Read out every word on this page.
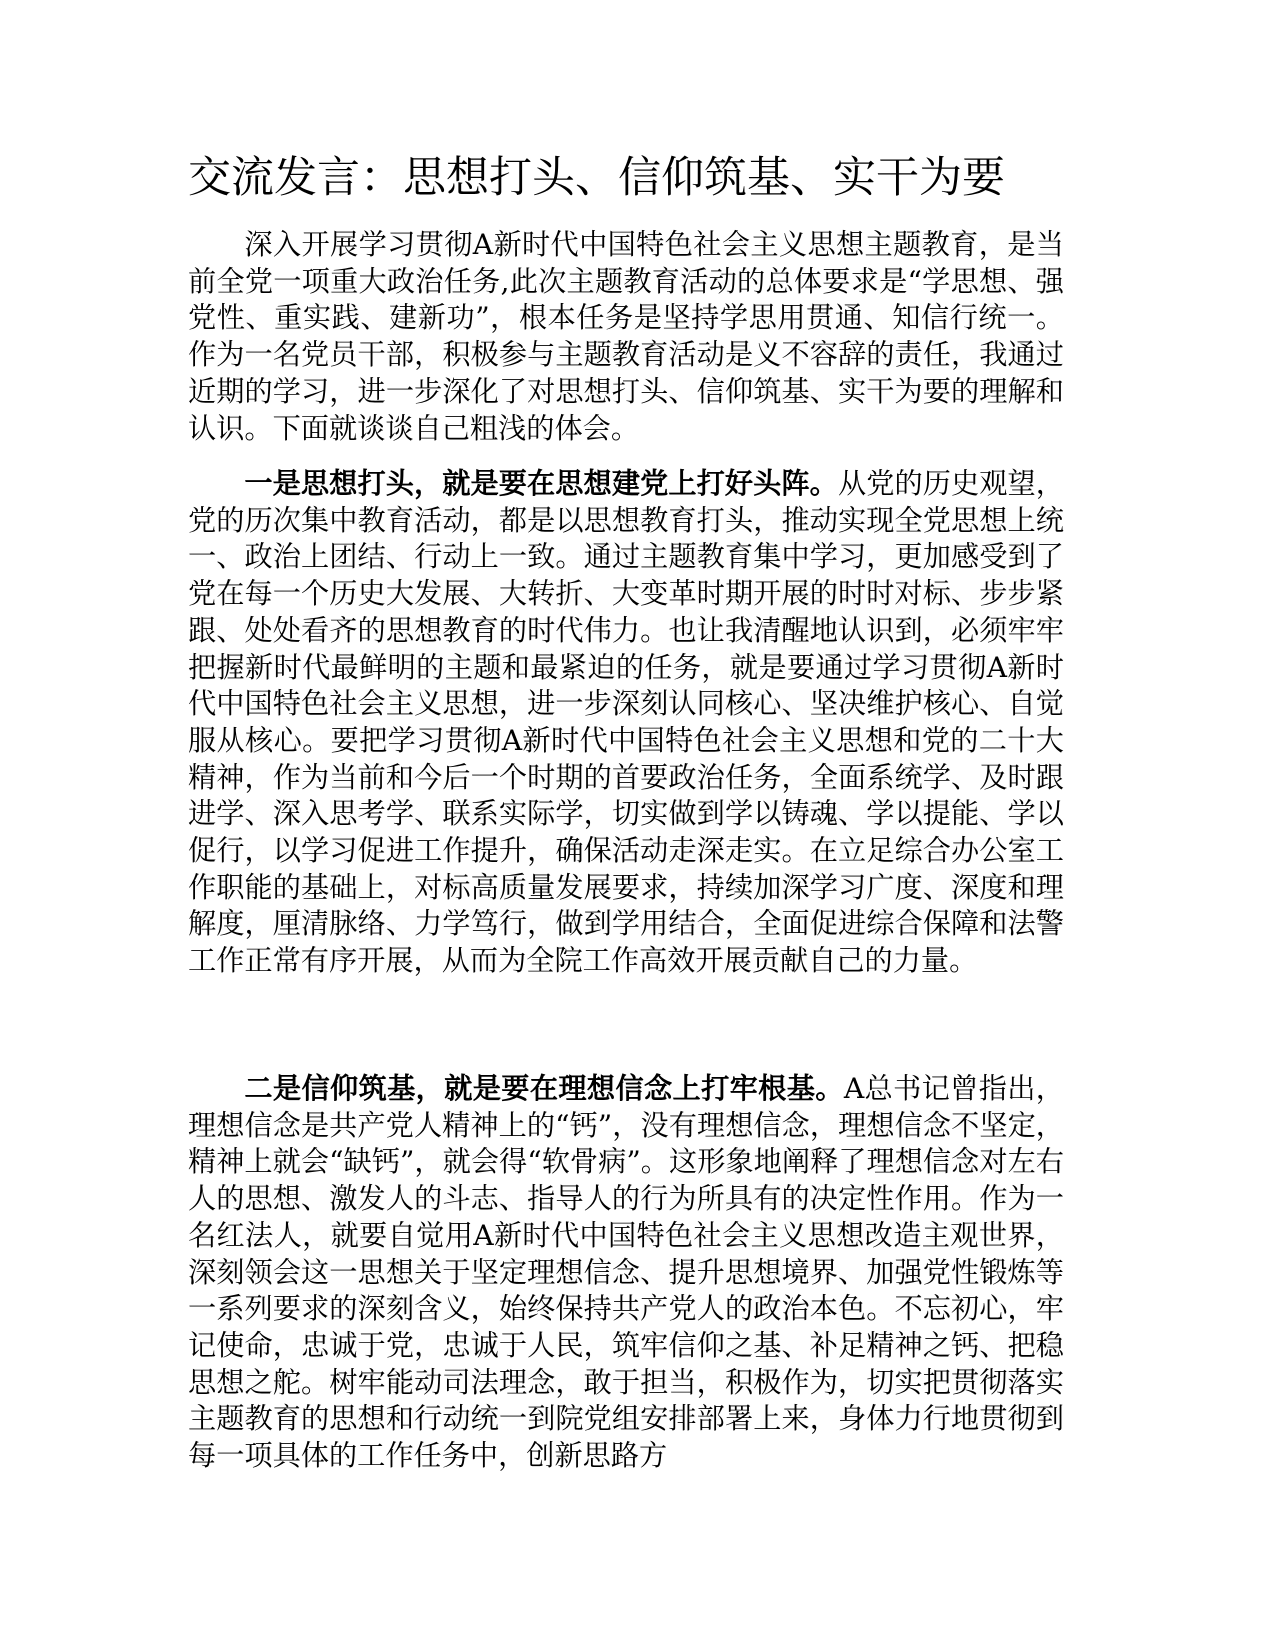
交流发言：思想打头、信仰筑基、实干为要

深入开展学习贯彻A新时代中国特色社会主义思想主题教育，是当前全党一项重大政治任务,此次主题教育活动的总体要求是“学思想、强党性、重实践、建新功”，根本任务是坚持学思用贯通、知信行统一。作为一名党员干部，积极参与主题教育活动是义不容辞的责任，我通过近期的学习，进一步深化了对思想打头、信仰筑基、实干为要的理解和认识。下面就谈谈自己粗浅的体会。

一是思想打头，就是要在思想建党上打好头阵。从党的历史观望，党的历次集中教育活动，都是以思想教育打头，推动实现全党思想上统一、政治上团结、行动上一致。通过主题教育集中学习，更加感受到了党在每一个历史大发展、大转折、大变革时期开展的时时对标、步步紧跟、处处看齐的思想教育的时代伟力。也让我清醒地认识到，必须牢牢把握新时代最鲜明的主题和最紧迫的任务，就是要通过学习贯彻A新时代中国特色社会主义思想，进一步深刻认同核心、坚决维护核心、自觉服从核心。要把学习贯彻A新时代中国特色社会主义思想和党的二十大精神，作为当前和今后一个时期的首要政治任务，全面系统学、及时跟进学、深入思考学、联系实际学，切实做到学以铸魂、学以提能、学以促行，以学习促进工作提升，确保活动走深走实。在立足综合办公室工作职能的基础上，对标高质量发展要求，持续加深学习广度、深度和理解度，厘清脉络、力学笃行，做到学用结合，全面促进综合保障和法警工作正常有序开展，从而为全院工作高效开展贡献自己的力量。

二是信仰筑基，就是要在理想信念上打牢根基。A总书记曾指出，理想信念是共产党人精神上的“钙”，没有理想信念，理想信念不坚定，精神上就会“缺钙”，就会得“软骨病”。这形象地阐释了理想信念对左右人的思想、激发人的斗志、指导人的行为所具有的决定性作用。作为一名红法人，就要自觉用A新时代中国特色社会主义思想改造主观世界，深刻领会这一思想关于坚定理想信念、提升思想境界、加强党性锻炼等一系列要求的深刻含义，始终保持共产党人的政治本色。不忘初心，牢记使命，忠诚于党，忠诚于人民，筑牢信仰之基、补足精神之钙、把稳思想之舵。树牢能动司法理念，敢于担当，积极作为，切实把贯彻落实主题教育的思想和行动统一到院党组安排部署上来，身体力行地贯彻到每一项具体的工作任务中，创新思路方
